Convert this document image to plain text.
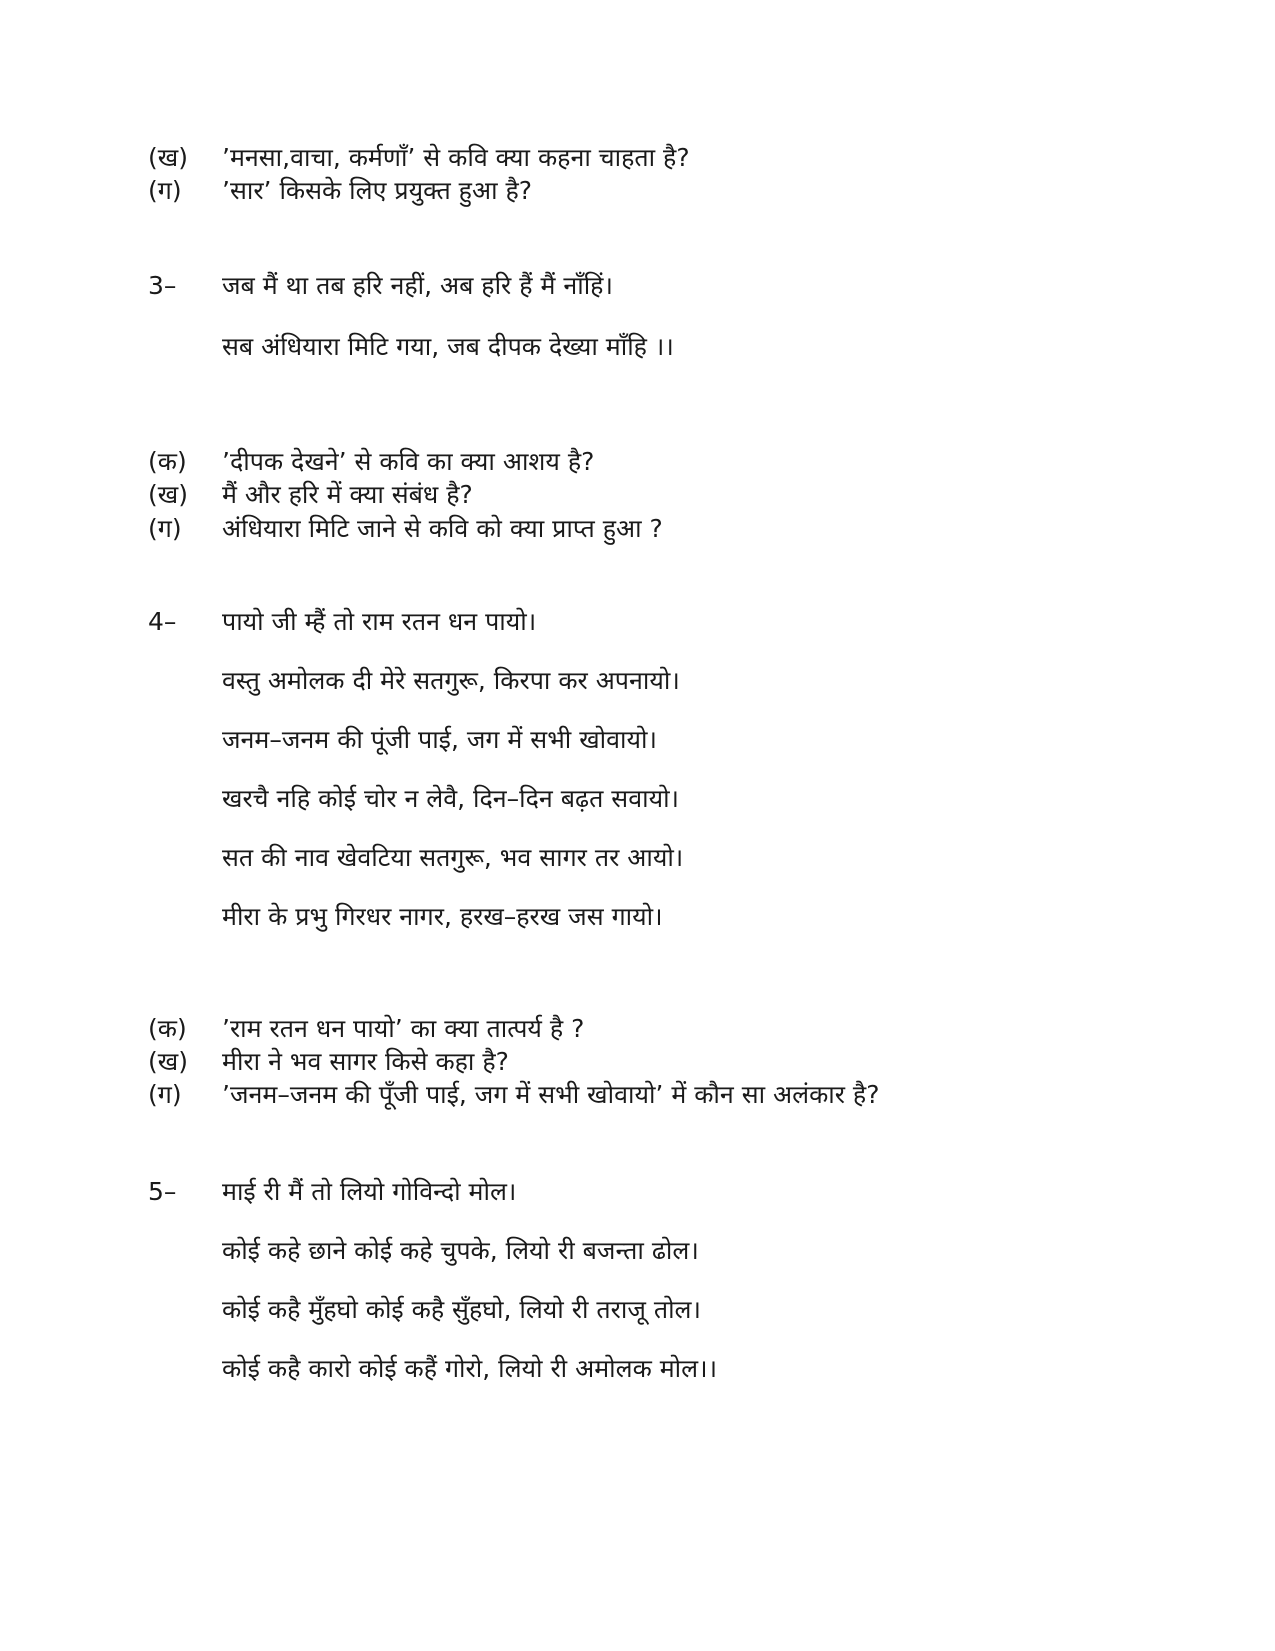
(ख) ’मनसा,वाचा, कर्मणाँ’ से कवि क्या कहना चाहता है?
(ग) ’सार’ किसके लिए प्रयुक्त हुआ है?
3– जब मैं था तब हरि नहीं, अब हरि हैं मैं नाँहिं।
सब अंधियारा मिटि गया, जब दीपक देख्या माँहि ।।
(क) ’दीपक देखने’ से कवि का क्या आशय है?
(ख) मैं और हरि में क्या संबंध है?
(ग) अंधियारा मिटि जाने से कवि को क्या प्राप्त हुआ ?
4– पायो जी म्हैं तो राम रतन धन पायो।
वस्तु अमोलक दी मेरे सतगुरू, किरपा कर अपनायो।
जनम–जनम की पूंजी पाई, जग में सभी खोवायो।
खरचै नहि कोई चोर न लेवै, दिन–दिन बढ़त सवायो।
सत की नाव खेवटिया सतगुरू, भव सागर तर आयो।
मीरा के प्रभु गिरधर नागर, हरख–हरख जस गायो।
(क) ’राम रतन धन पायो’ का क्या तात्पर्य है ?
(ख) मीरा ने भव सागर किसे कहा है?
(ग) ’जनम–जनम की पूँजी पाई, जग में सभी खोवायो’ में कौन सा अलंकार है?
5– माई री मैं तो लियो गोविन्दो मोल।
कोई कहे छाने कोई कहे चुपके, लियो री बजन्ता ढोल।
कोई कहै मुँहघो कोई कहै सुँहघो, लियो री तराजू तोल।
कोई कहै कारो कोई कहैं गोरो, लियो री अमोलक मोल।।
